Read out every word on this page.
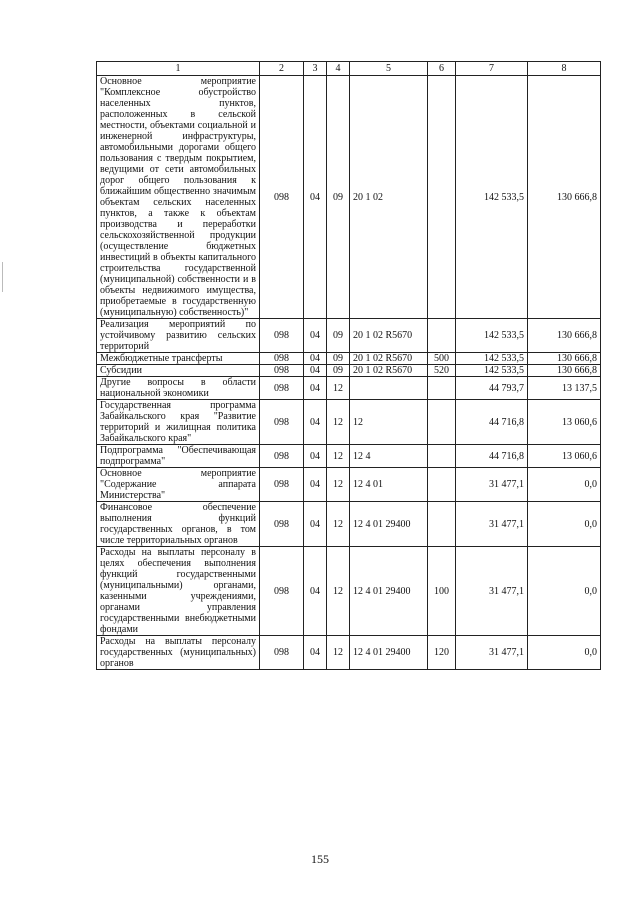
1	2	3	4	5	6	7	8
Основное мероприятие "Комплексное обустройство населенных пунктов, расположенных в сельской местности, объектами социальной и инженерной инфраструктуры, автомобильными дорогами общего пользования с твердым покрытием, ведущими от сети автомобильных дорог общего пользования к ближайшим общественно значимым объектам сельских населенных пунктов, а также к объектам производства и переработки сельскохозяйственной продукции (осуществление бюджетных инвестиций в объекты капитального строительства государственной (муниципальной) собственности и в объекты недвижимого имущества, приобретаемые в государственную (муниципальную) собственность)"	098	04	09	20 1 02		142 533,5	130 666,8
Реализация мероприятий по устойчивому развитию сельских территорий	098	04	09	20 1 02 R5670		142 533,5	130 666,8
Межбюджетные трансферты	098	04	09	20 1 02 R5670	500	142 533,5	130 666,8
Субсидии	098	04	09	20 1 02 R5670	520	142 533,5	130 666,8
Другие вопросы в области национальной экономики	098	04	12			44 793,7	13 137,5
Государственная программа Забайкальского края "Развитие территорий и жилищная политика Забайкальского края"	098	04	12	12		44 716,8	13 060,6
Подпрограмма "Обеспечивающая подпрограмма"	098	04	12	12 4		44 716,8	13 060,6
Основное мероприятие "Содержание аппарата Министерства"	098	04	12	12 4 01		31 477,1	0,0
Финансовое обеспечение выполнения функций государственных органов, в том числе территориальных органов	098	04	12	12 4 01 29400		31 477,1	0,0
Расходы на выплаты персоналу в целях обеспечения выполнения функций государственными (муниципальными) органами, казенными учреждениями, органами управления государственными внебюджетными фондами	098	04	12	12 4 01 29400	100	31 477,1	0,0
Расходы на выплаты персоналу государственных (муниципальных) органов	098	04	12	12 4 01 29400	120	31 477,1	0,0
155
